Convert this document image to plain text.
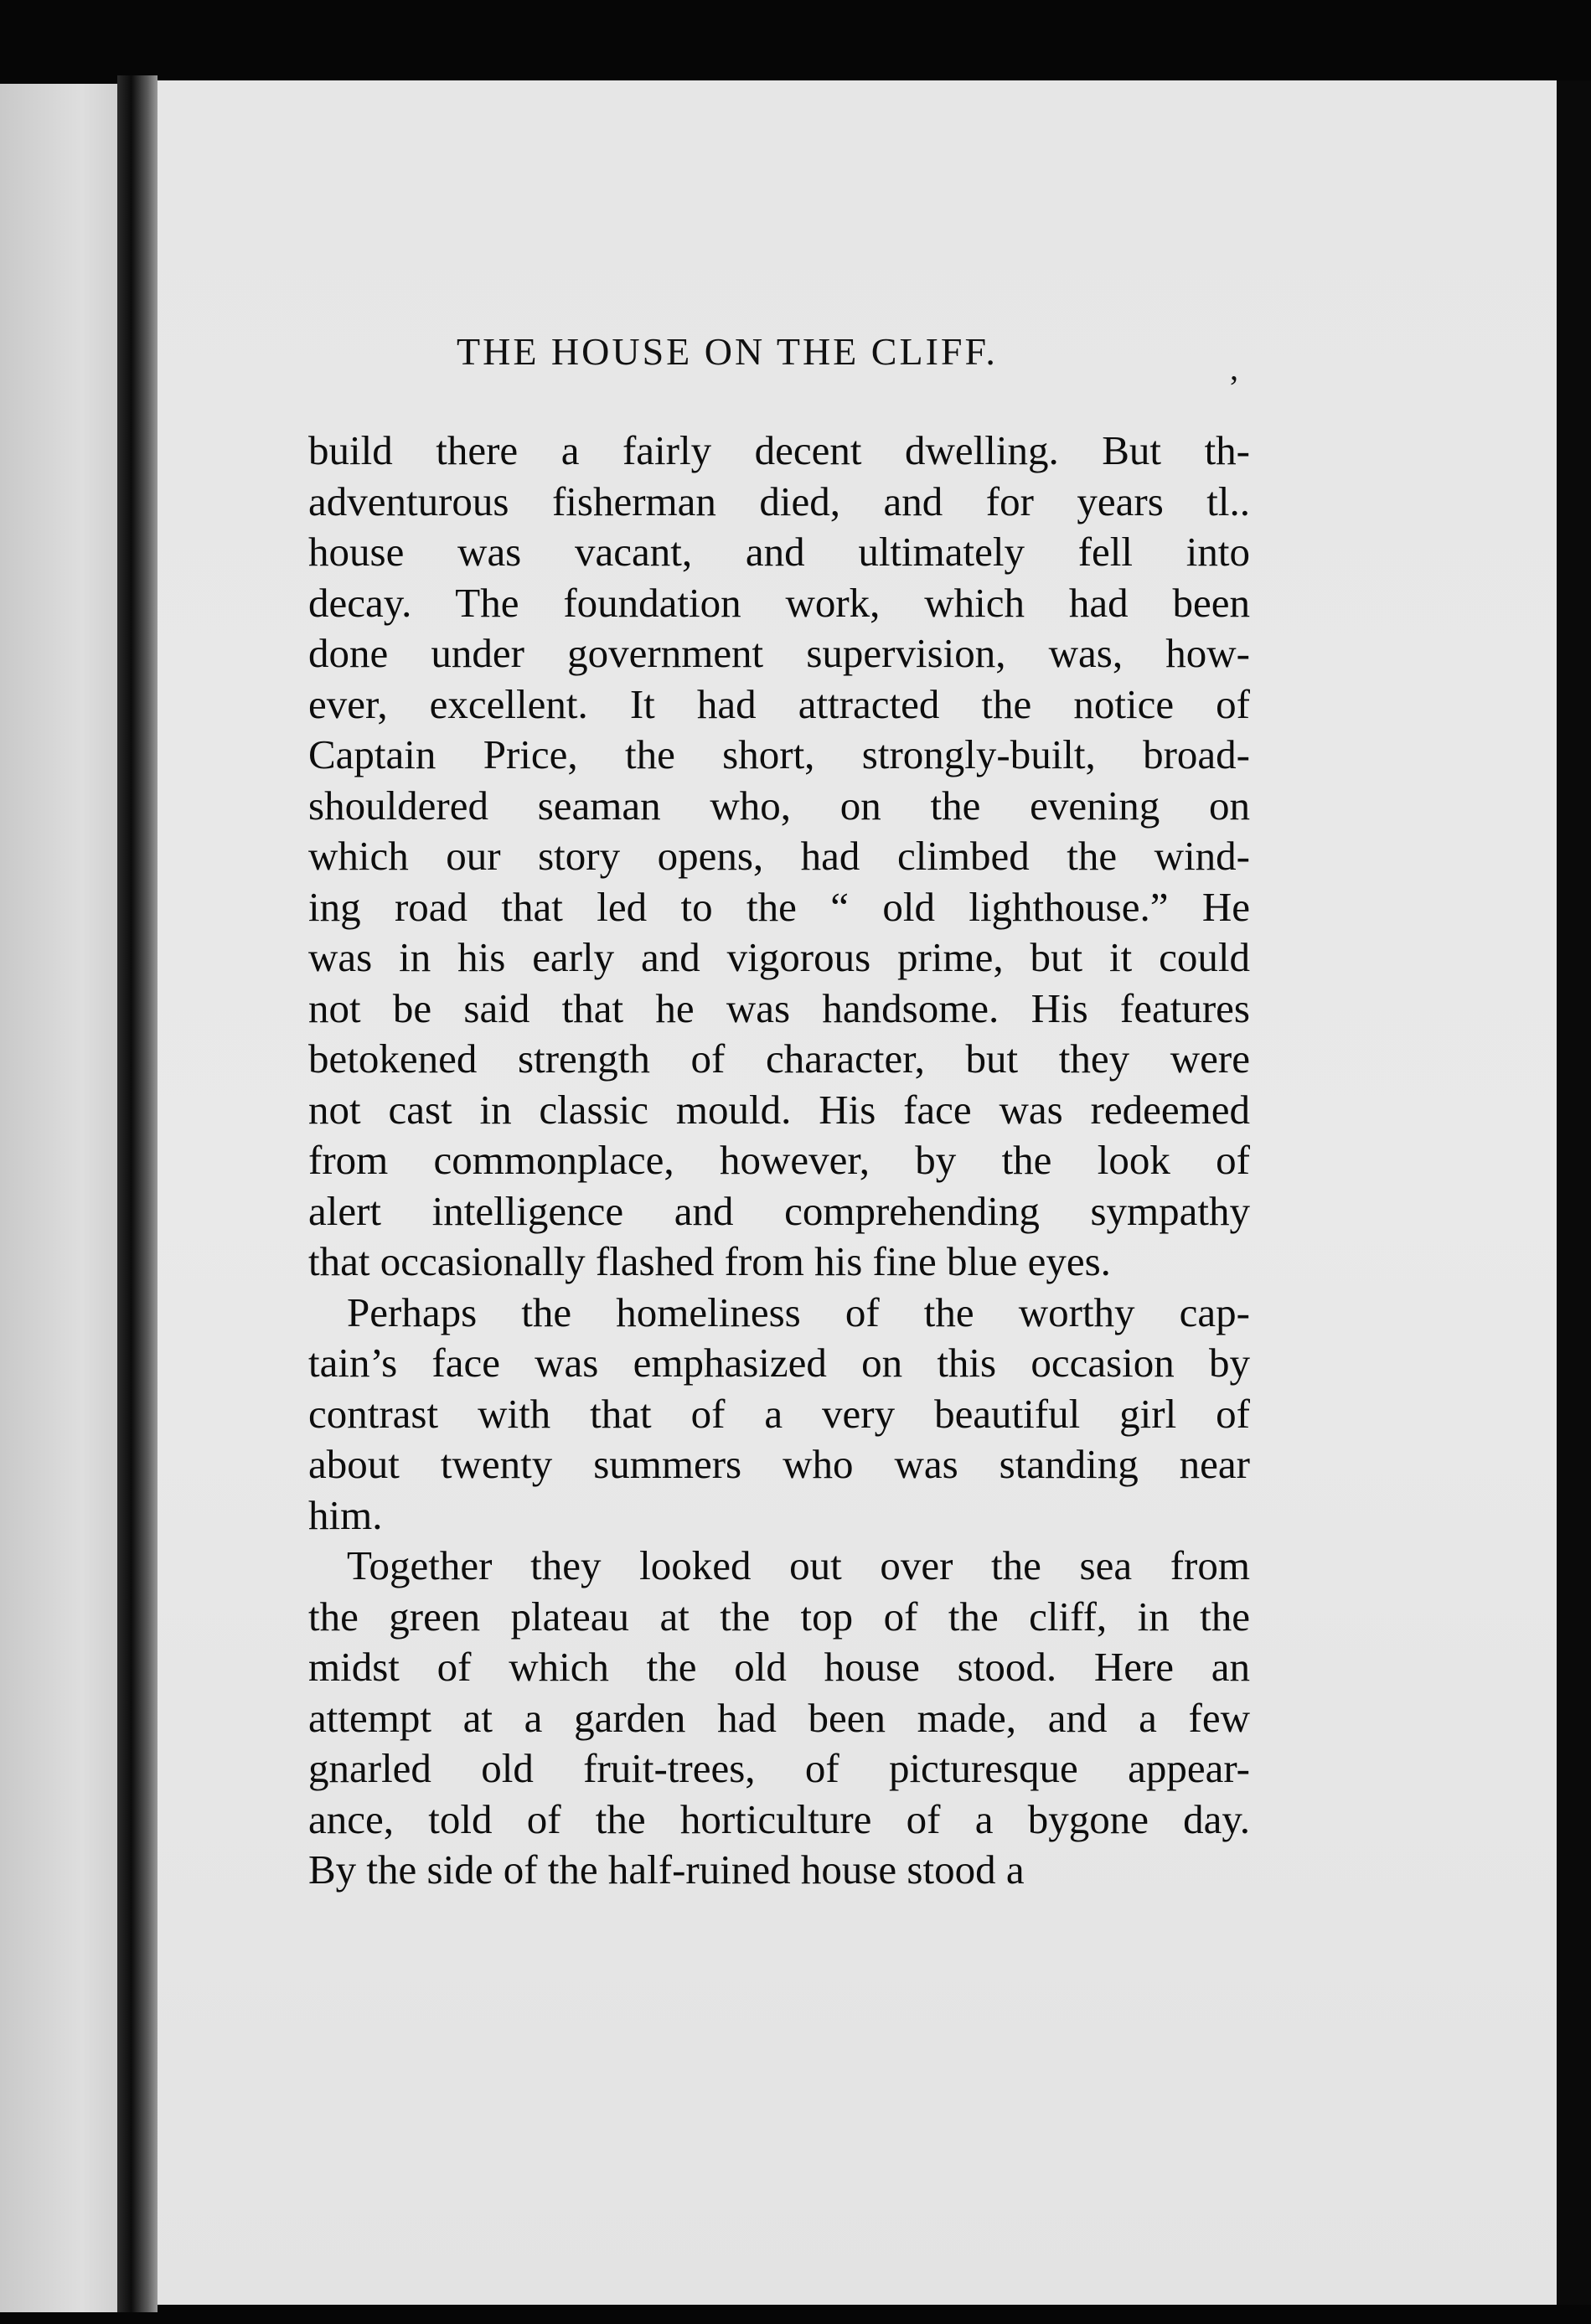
THE HOUSE ON THE CLIFF.	,
build there a fairly decent dwelling. But th-
adventurous fisherman died, and for years tl..
house was vacant, and ultimately fell into
decay. The foundation work, which had been
done under government supervision, was, how-
ever, excellent. It had attracted the notice of
Captain Price, the short, strongly-built, broad-
shouldered seaman who, on the evening on
which our story opens, had climbed the wind-
ing road that led to the “ old lighthouse.” He
was in his early and vigorous prime, but it could
not be said that he was handsome. His features
betokened strength of character, but they were
not cast in classic mould. His face was redeemed
from commonplace, however, by the look of
alert intelligence and comprehending sympathy
that occasionally flashed from his fine blue eyes.
Perhaps the homeliness of the worthy cap-
tain’s face was emphasized on this occasion by
contrast with that of a very beautiful girl of
about twenty summers who was standing near
him.
Together they looked out over the sea from
the green plateau at the top of the cliff, in the
midst of which the old house stood. Here an
attempt at a garden had been made, and a few
gnarled old fruit-trees, of picturesque appear-
ance, told of the horticulture of a bygone day.
By the side of the half-ruined house stood a
